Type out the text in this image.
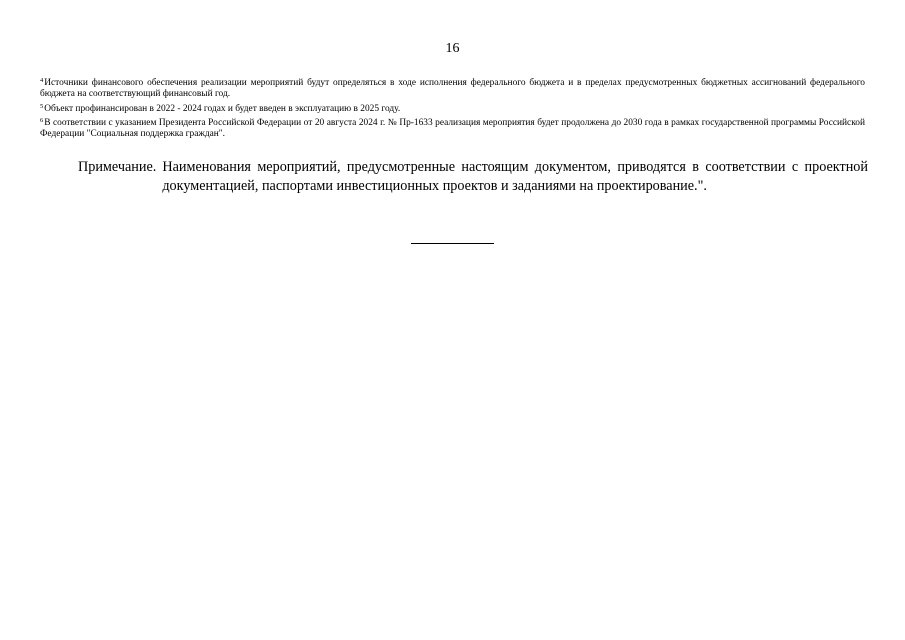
16

$^4$Источники финансового обеспечения реализации мероприятий будут определяться в ходе исполнения федерального бюджета и в пределах предусмотренных бюджетных ассигнований федерального бюджета на соответствующий финансовый год.

$^5$Объект профинансирован в 2022 - 2024 годах и будет введен в эксплуатацию в 2025 году.

$^6$В соответствии с указанием Президента Российской Федерации от 20 августа 2024 г. № Пр-1633 реализация мероприятия будет продолжена до 2030 года в рамках государственной программы Российской Федерации "Социальная поддержка граждан".

Примечание. Наименования мероприятий, предусмотренные настоящим документом, приводятся в соответствии с проектной документацией, паспортами инвестиционных проектов и заданиями на проектирование.".
